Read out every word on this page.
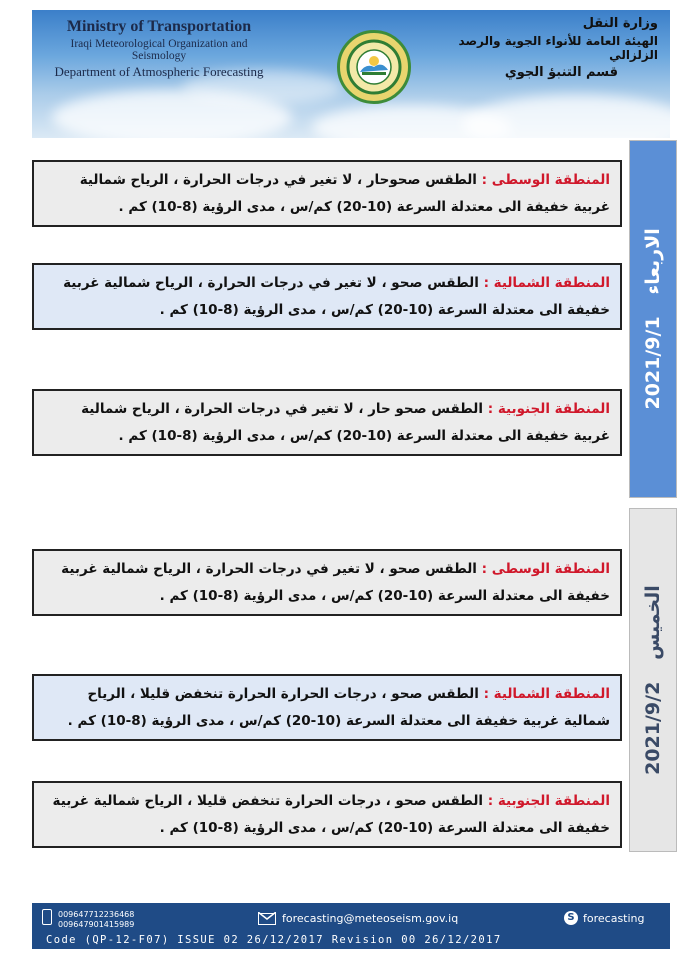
Ministry of Transportation
Iraqi Meteorological Organization and Seismology
Department of Atmospheric Forecasting
وزارة النقل
الهيئة العامة للأنواء الجوية والرصد الزلزالي
قسم التنبؤ الجوي
2021/9/1
الاربعاء
2021/9/2
الخميس
المنطقة الوسطى : الطقس صحوحار ، لا تغير في درجات الحرارة ، الرياح شمالية غربية خفيفة الى معتدلة السرعة (10-20) كم/س ، مدى الرؤية (8-10) كم .
المنطقة الشمالية : الطقس صحو ، لا تغير في درجات الحرارة ، الرياح شمالية غربية خفيفة الى معتدلة السرعة (10-20) كم/س ، مدى الرؤية (8-10) كم .
المنطقة الجنوبية : الطقس صحو حار ، لا تغير في درجات الحرارة ، الرياح شمالية غربية خفيفة الى معتدلة السرعة (10-20) كم/س ، مدى الرؤية (8-10) كم .
المنطقة الوسطى : الطقس صحو ، لا تغير في درجات الحرارة ، الرياح شمالية غربية خفيفة الى معتدلة السرعة (10-20) كم/س ، مدى الرؤية (8-10) كم .
المنطقة الشمالية : الطقس صحو ، درجات الحرارة الحرارة تنخفض قليلا ، الرياح شمالية غربية خفيفة الى معتدلة السرعة (10-20) كم/س ، مدى الرؤية (8-10) كم .
المنطقة الجنوبية : الطقس صحو ، درجات الحرارة تنخفض قليلا ، الرياح شمالية غربية خفيفة الى معتدلة السرعة (10-20) كم/س ، مدى الرؤية (8-10) كم .
009647712236468
009647901415989	forecasting@meteoseism.gov.iq	S forecasting
Code (QP-12-F07) ISSUE 02 26/12/2017 Revision 00 26/12/2017
